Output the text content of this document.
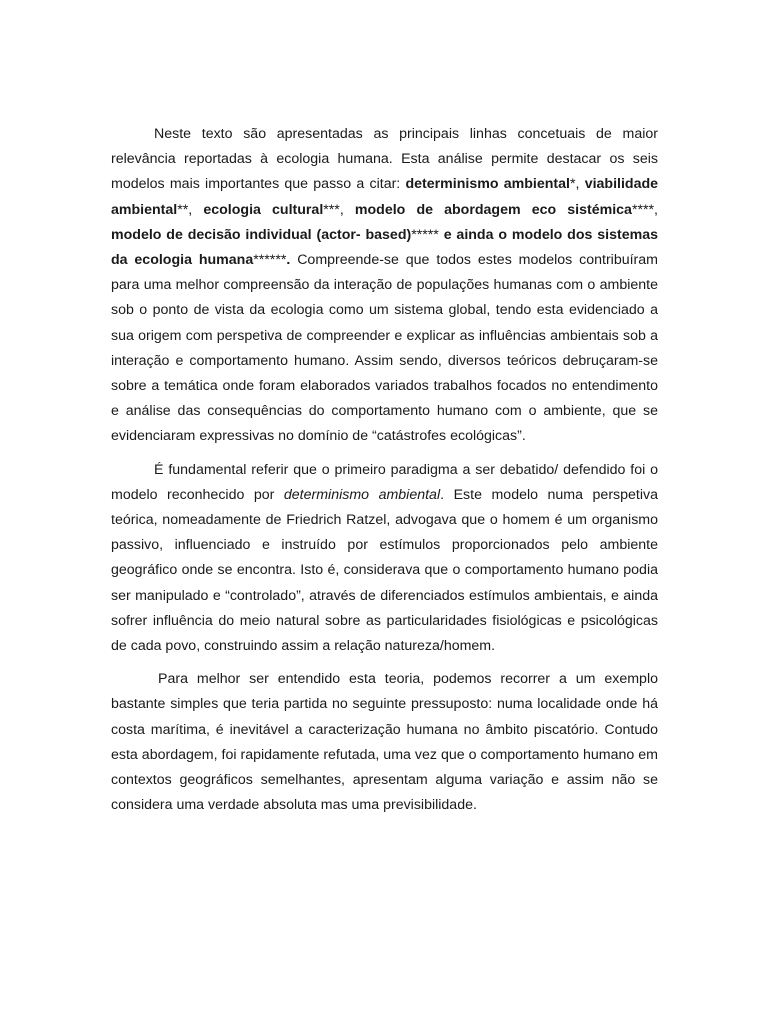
Neste texto são apresentadas as principais linhas concetuais de maior relevância reportadas à ecologia humana. Esta análise permite destacar os seis modelos mais importantes que passo a citar: determinismo ambiental*, viabilidade ambiental**, ecologia cultural***, modelo de abordagem eco sistémica****, modelo de decisão individual (actor- based)***** e ainda o modelo dos sistemas da ecologia humana******. Compreende-se que todos estes modelos contribuíram para uma melhor compreensão da interação de populações humanas com o ambiente sob o ponto de vista da ecologia como um sistema global, tendo esta evidenciado a sua origem com perspetiva de compreender e explicar as influências ambientais sob a interação e comportamento humano. Assim sendo, diversos teóricos debruçaram-se sobre a temática onde foram elaborados variados trabalhos focados no entendimento e análise das consequências do comportamento humano com o ambiente, que se evidenciaram expressivas no domínio de “catástrofes ecológicas”.

É fundamental referir que o primeiro paradigma a ser debatido/ defendido foi o modelo reconhecido por determinismo ambiental. Este modelo numa perspetiva teórica, nomeadamente de Friedrich Ratzel, advogava que o homem é um organismo passivo, influenciado e instruído por estímulos proporcionados pelo ambiente geográfico onde se encontra. Isto é, considerava que o comportamento humano podia ser manipulado e “controlado”, através de diferenciados estímulos ambientais, e ainda sofrer influência do meio natural sobre as particularidades fisiológicas e psicológicas de cada povo, construindo assim a relação natureza/homem.

Para melhor ser entendido esta teoria, podemos recorrer a um exemplo bastante simples que teria partida no seguinte pressuposto: numa localidade onde há costa marítima, é inevitável a caracterização humana no âmbito piscatório. Contudo esta abordagem, foi rapidamente refutada, uma vez que o comportamento humano em contextos geográficos semelhantes, apresentam alguma variação e assim não se considera uma verdade absoluta mas uma previsibilidade.
